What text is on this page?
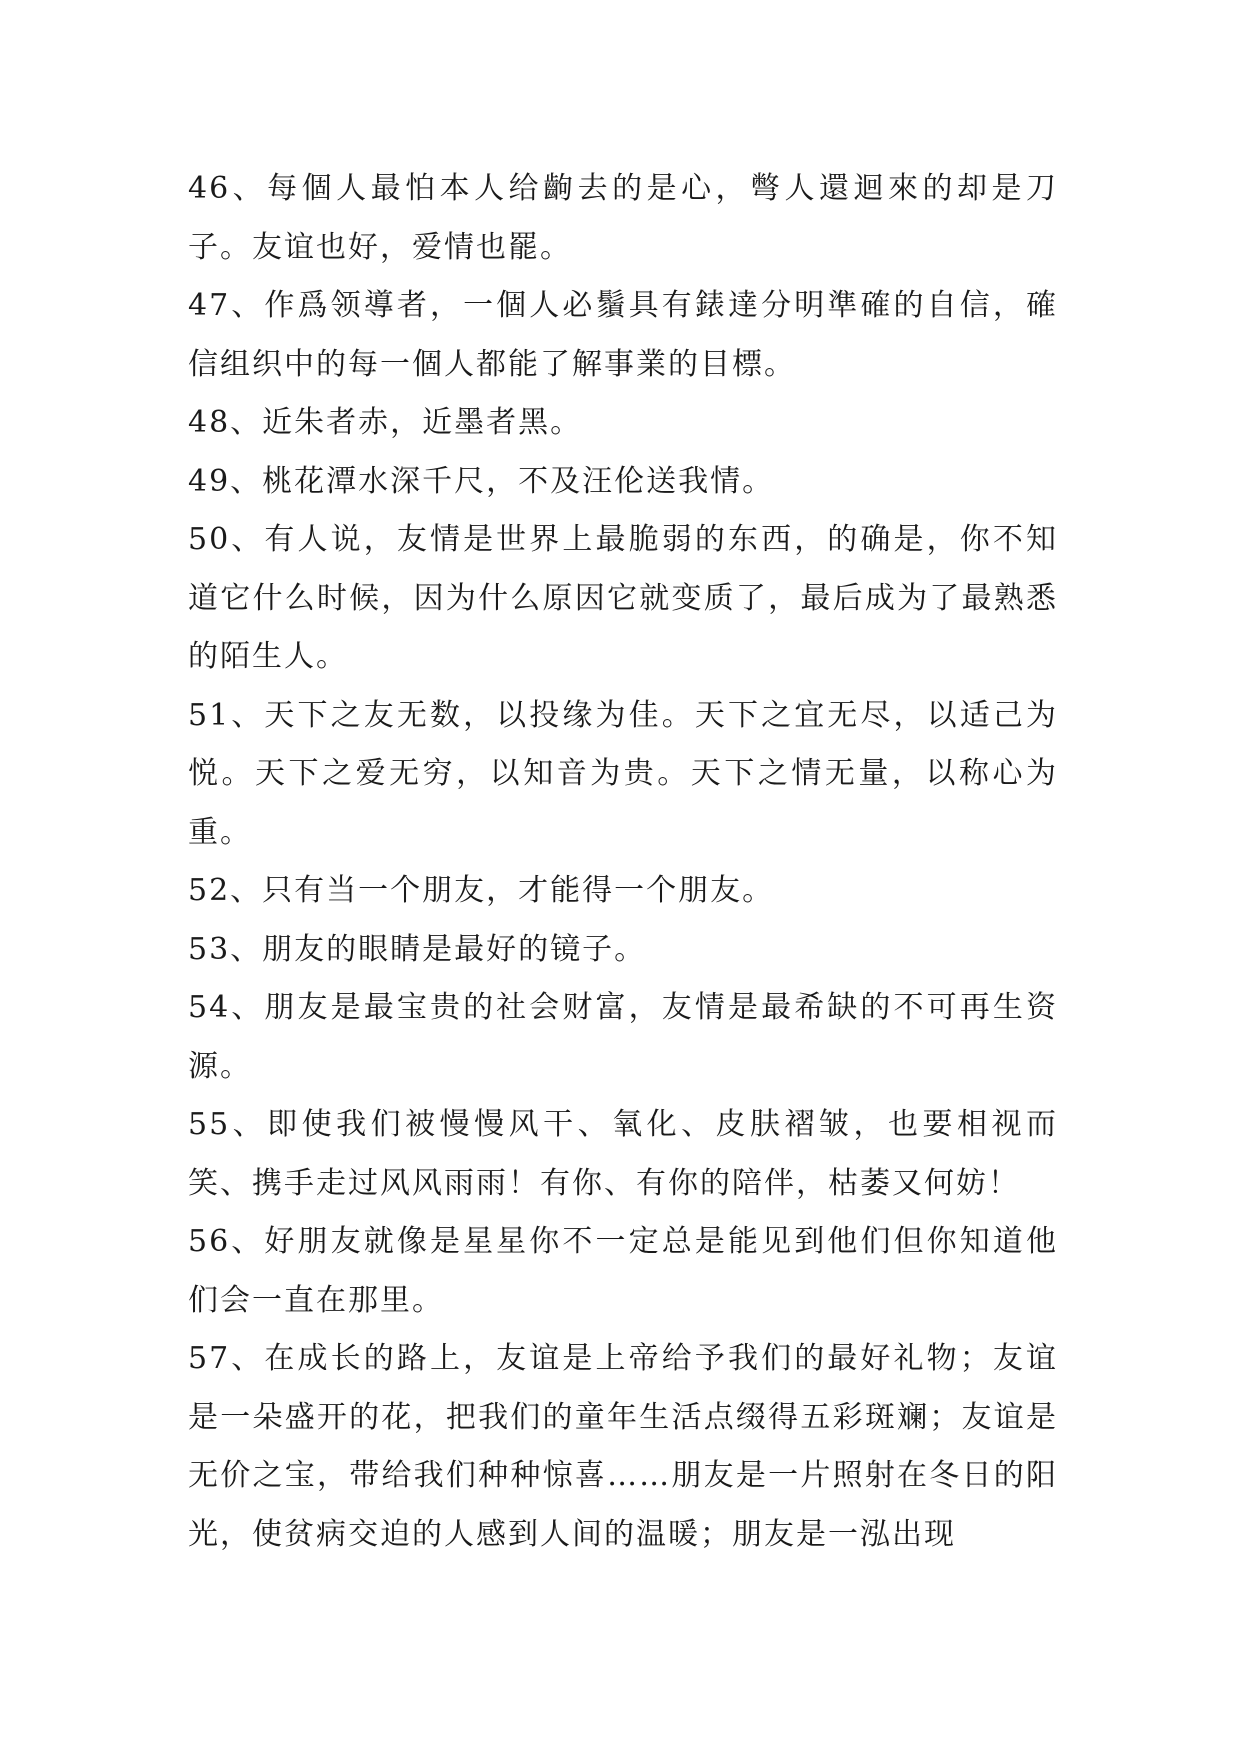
46、每個人最怕本人给齣去的是心，彆人還迴來的却是刀子。友谊也好，爱情也罷。

47、作爲领導者，一個人必鬚具有錶達分明準確的自信，確信组织中的每一個人都能了解事業的目標。

48、近朱者赤，近墨者黑。

49、桃花潭水深千尺，不及汪伦送我情。

50、有人说，友情是世界上最脆弱的东西，的确是，你不知道它什么时候，因为什么原因它就变质了，最后成为了最熟悉的陌生人。

51、天下之友无数，以投缘为佳。天下之宜无尽，以适己为悦。天下之爱无穷，以知音为贵。天下之情无量，以称心为重。

52、只有当一个朋友，才能得一个朋友。

53、朋友的眼睛是最好的镜子。

54、朋友是最宝贵的社会财富，友情是最希缺的不可再生资源。

55、即使我们被慢慢风干、氧化、皮肤褶皱，也要相视而笑、携手走过风风雨雨！有你、有你的陪伴，枯萎又何妨！

56、好朋友就像是星星你不一定总是能见到他们但你知道他们会一直在那里。

57、在成长的路上，友谊是上帝给予我们的最好礼物；友谊是一朵盛开的花，把我们的童年生活点缀得五彩斑斓；友谊是无价之宝，带给我们种种惊喜……朋友是一片照射在冬日的阳光，使贫病交迫的人感到人间的温暖；朋友是一泓出现
